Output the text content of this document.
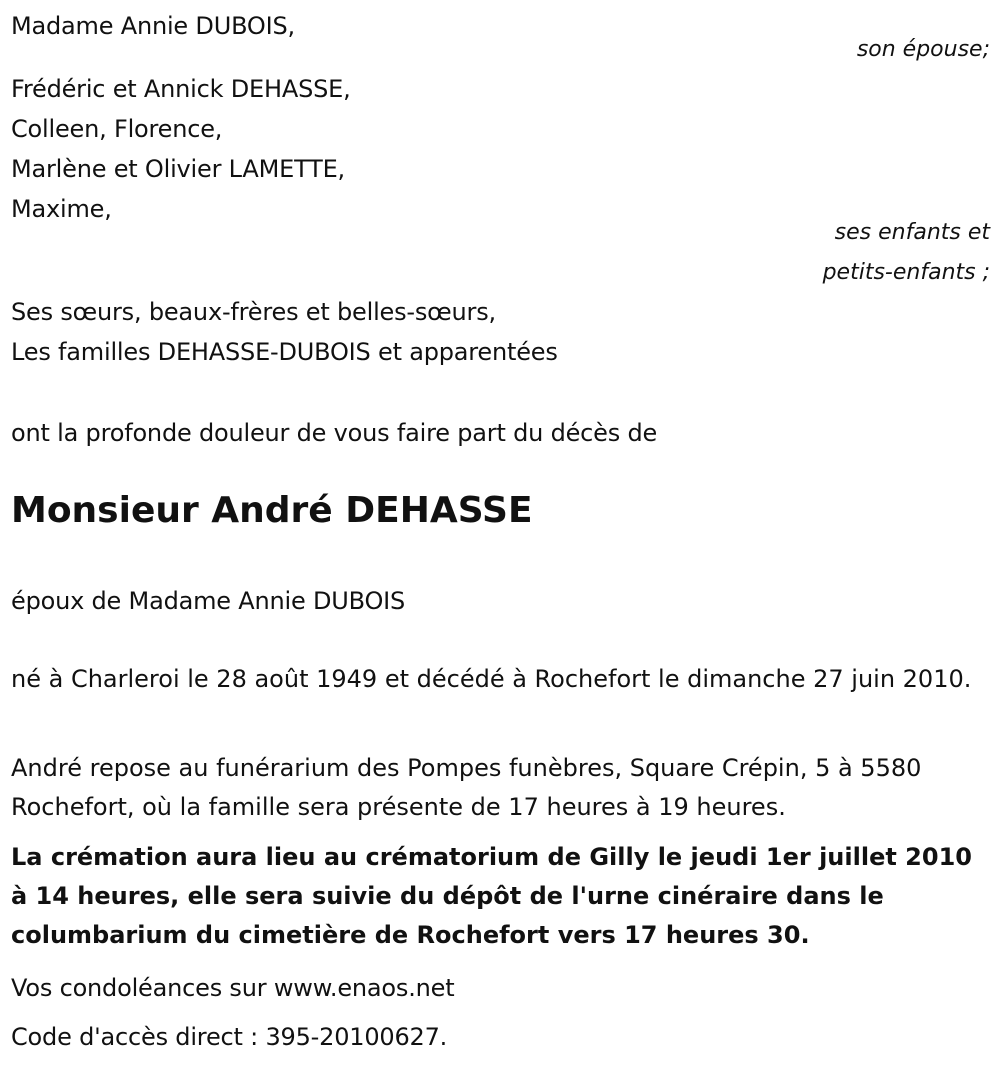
Madame Annie DUBOIS,
son épouse;
Frédéric et Annick DEHASSE,
Colleen, Florence,
Marlène et Olivier LAMETTE,
Maxime,
ses enfants et
petits-enfants ;
Ses sœurs, beaux-frères et belles-sœurs,
Les familles DEHASSE-DUBOIS et apparentées
ont la profonde douleur de vous faire part du décès de
Monsieur André DEHASSE
époux de Madame Annie DUBOIS
né à Charleroi le 28 août 1949 et décédé à Rochefort le dimanche 27 juin 2010.
André repose au funérarium des Pompes funèbres, Square Crépin, 5 à 5580 Rochefort, où la famille sera présente de 17 heures à 19 heures.
La crémation aura lieu au crématorium de Gilly le jeudi 1er juillet 2010 à 14 heures, elle sera suivie du dépôt de l'urne cinéraire dans le columbarium du cimetière de Rochefort vers 17 heures 30.
Vos condoléances sur www.enaos.net
Code d'accès direct : 395-20100627.
